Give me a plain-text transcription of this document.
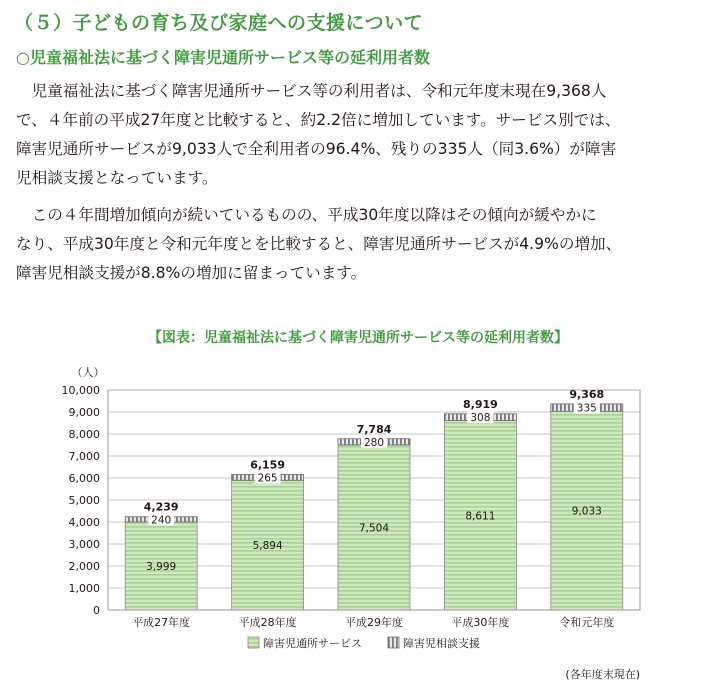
（５）子どもの育ち及び家庭への支援について
○児童福祉法に基づく障害児通所サービス等の延利用者数

　児童福祉法に基づく障害児通所サービス等の利用者は、令和元年度末現在9,368人
で、４年前の平成27年度と比較すると、約2.2倍に増加しています。サービス別では、
障害児通所サービスが9,033人で全利用者の96.4%、残りの335人（同3.6%）が障害
児相談支援となっています。

　この４年間増加傾向が続いているものの、平成30年度以降はその傾向が緩やかに
なり、平成30年度と令和元年度とを比較すると、障害児通所サービスが4.9%の増加、
障害児相談支援が8.8%の増加に留まっています。

【図表：児童福祉法に基づく障害児通所サービス等の延利用者数】
（人）
0
1,000
2,000
3,000
4,000
5,000
6,000
7,000
8,000
9,000
10,000
平成27年度	平成28年度	平成29年度	平成30年度	令和元年度
3,999
240
4,239
5,894
265
6,159
7,504
280
7,784
8,611
308
8,919
9,033
335
9,368
障害児通所サービス	障害児相談支援
(各年度末現在)
